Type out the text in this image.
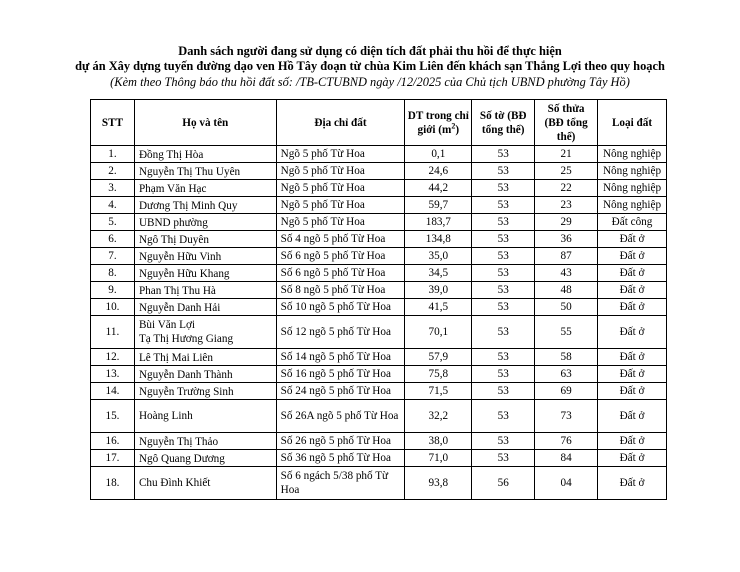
Danh sách người đang sử dụng có diện tích đất phải thu hồi để thực hiện
dự án Xây dựng tuyến đường dạo ven Hồ Tây đoạn từ chùa Kim Liên đến khách sạn Thắng Lợi theo quy hoạch
(Kèm theo Thông báo thu hồi đất số: /TB-CTUBND ngày /12/2025 của Chủ tịch UBND phường Tây Hồ)
STT	Họ và tên	Địa chỉ đất	DT trong chỉ giới $(m^2)$	Số tờ (BĐ tổng thể)	Số thửa (BĐ tổng thể)	Loại đất
1.	Đồng Thị Hòa	Ngõ 5 phố Từ Hoa	0,1	53	21	Nông nghiệp
2.	Nguyễn Thị Thu Uyên	Ngõ 5 phố Từ Hoa	24,6	53	25	Nông nghiệp
3.	Phạm Văn Hạc	Ngõ 5 phố Từ Hoa	44,2	53	22	Nông nghiệp
4.	Dương Thị Minh Quy	Ngõ 5 phố Từ Hoa	59,7	53	23	Nông nghiệp
5.	UBND phường	Ngõ 5 phố Từ Hoa	183,7	53	29	Đất công
6.	Ngô Thị Duyên	Số 4 ngõ 5 phố Từ Hoa	134,8	53	36	Đất ở
7.	Nguyễn Hữu Vinh	Số 6 ngõ 5 phố Từ Hoa	35,0	53	87	Đất ở
8.	Nguyễn Hữu Khang	Số 6 ngõ 5 phố Từ Hoa	34,5	53	43	Đất ở
9.	Phan Thị Thu Hà	Số 8 ngõ 5 phố Từ Hoa	39,0	53	48	Đất ở
10.	Nguyễn Danh Hải	Số 10 ngõ 5 phố Từ Hoa	41,5	53	50	Đất ở
11.	Bùi Văn Lợi
Tạ Thị Hương Giang	Số 12 ngõ 5 phố Từ Hoa	70,1	53	55	Đất ở
12.	Lê Thị Mai Liên	Số 14 ngõ 5 phố Từ Hoa	57,9	53	58	Đất ở
13.	Nguyễn Danh Thành	Số 16 ngõ 5 phố Từ Hoa	75,8	53	63	Đất ở
14.	Nguyễn Trường Sinh	Số 24 ngõ 5 phố Từ Hoa	71,5	53	69	Đất ở
15.	Hoàng Linh	Số 26A ngõ 5 phố Từ Hoa	32,2	53	73	Đất ở
16.	Nguyễn Thị Thảo	Số 26 ngõ 5 phố Từ Hoa	38,0	53	76	Đất ở
17.	Ngô Quang Dương	Số 36 ngõ 5 phố Từ Hoa	71,0	53	84	Đất ở
18.	Chu Đình Khiết	Số 6 ngách 5/38 phố Từ Hoa	93,8	56	04	Đất ở
